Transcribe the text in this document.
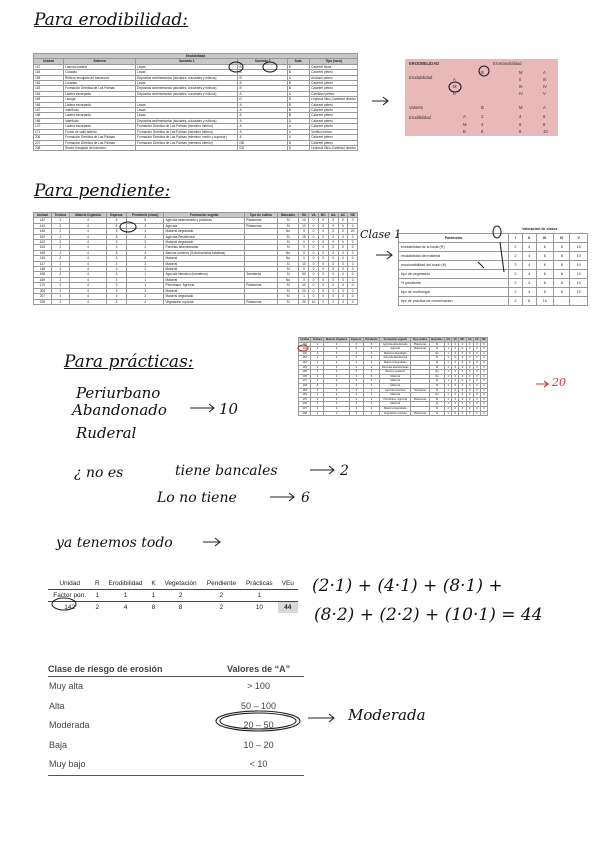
Para erodibilidad:
Para pendiente:
Para prácticas:
Erodabilidad					
Unidad	Sistema	Sustrato 1	Sustrato 2	Sust.	Tipo (roca)
147	Llanura costera	Lavas	B	D	Calcreet lavas
154	Coladas	Lavas	A	B	Calcreet pétreo
155	Relieve encajado de barrancos	Depósitos sedimentarios (aluviales, coluviales y eólicos)	B	A	Andosol pétreo
162	Coladas	Lavas	A	B	Calcreet pétreo
163	Formación Detrítica de Las Palmas	Depósitos sedimentarios (aluviales, coluviales y eólicos)	B	B	Calcreet pétreo
164	Ladera escarpada	Depósitos sedimentarios (aluviales, coluviales y eólicos)	A	A	Cambisol pétreo
165	Lacoge		D	D	Leptosol lítico-Cambisol districo
166	Ladera escarpada	Lavas	A	B	Calcreet pétreo
167	Interfluvio	Lavas	A	B	Calcreet pétreo
168	Ladera escarpada	Lavas	A	B	Calcreet pétreo
169	Interfluvio	Depósitos sedimentarios (aluviales, coluviales y eólicos)	A	A	Calcreet pétreo
170	Ladera escarpada	Formación Detrítica de Las Palmas (miembro inferior)	A	A	Calcreet pétreo
171	Fondo de valle abierto	Formación Detrítica de Las Palmas (miembro inferior)	A	A	Vertisol eútrico
206	Formación Detrítica de Las Palmas	Formación Detrítica de Las Palmas (miembro medio y superior)	A	A	Calcreet pétreo
207	Formación Detrítica de Las Palmas	Formación Detrítica de Las Palmas (miembro inferior)	NB	B	Calcreet pétreo
208	Sector encajado de barranco		DD	D	Leptosol lítico-Cambisol districo
ERODIBILIDAD	Erosionabilidad
Erodabilidad
Valores
Erodibilidad
B	M	A
A	II	III
M	III	IV
B	IV	V
B	M	A
A	2	4	6
M	4	6	8
B	6	8	10
Unidad	Textura	Materia Orgánica	Espesor	Pendiente (clase)	Formación vegetal	Tipo de cultivo	Bancales	GU	VA	MC	AA	AC	NE
142	2	4	6	5	Agrícola abandonado y prácticas	Plataneras	Sí	10	0	0	0	0	0
144	2	4	6	3	Agrícola	Plataneras	Sí	10	0	0	0	0	0
146	2	4	3	4	Matorral degradado		No	0	0	0	0	0	20
152	2	4	5	3	Agrícola-Residencial		Sí	15	0	0	0	0	0
162	2	4	3	3	Matorral degradado		Sí	0	0	0	0	0	0
163	2	4	3	2	Parcelas abandonadas		Sí	0	0	0	0	0	0
165	2	4	5	4	Bancos costeros (Suburbanistas tabaibas)		No	0	0	0	0	0	0
145	2	4	3	5	Matorral		No	0	0	0	0	0	0
147	2	4	3	3	Matorral		Sí	10	0	0	0	0	0
148	2	4	3	2	Matorral		Sí	0	0	0	0	0	0
168	2	4	3	1	Agrícola intensivo (tomateros)	Tomateras	Sí	60	0	0	0	0	0
169	2	4	3	1	Matorral		No	0	0	0	0	0	0
170	2	4	3	1	Periurbano. Agrícola	Plataneras	Sí	40	0	0	0	0	0
206	2	4	3	2	Matorral		Sí	20	0	0	0	0	0
207	2	4	3	2	Matorral degradado		Sí	1	0	0	0	0	0
208	2	4	3	4	Vegetación rupícola	Plataneras	Sí	20	10	0	0	0	0
Valoración de clases					
Parámetro	I	II	III	IV	V
erodabilidad de la lluvia (R)	2	4	6	8	10
erodabilidad del material	2	4	6	8	10
erosionabilidad del suelo (K)	2	4	6	8	10
tipo de vegetación	2	4	6	8	10
% pendiente	2	4	6	8	10
tipo de morfología	2	4	6	8	10
tipo de práctica de conservación	2	6	10		
Unidad	Textura	Materia Orgánica	Espesor	Pendiente	Formación vegetal	Tipo cultivo	Bancales	GU	VA	MC	AA	AC	NE
142	2	4	6	5	Agrícola abandonado	Plataneras	Sí	1	0	0	0	0	0
144	2	4	6	3	Agrícola	Plataneras	Sí	1	0	0	0	0	0
146	2	4	3	4	Matorral degradado		No	1	0	0	0	0	0
152	2	4	5	3	Agrícola-Residencial		Sí	1	0	0	0	0	0
162	2	4	3	3	Matorral degradado		Sí	1	0	0	0	0	0
163	2	4	3	2	Parcelas abandonadas		Sí	1	0	0	0	0	0
165	2	4	5	4	Bancos costeros		No	1	0	0	0	0	0
145	2	4	3	5	Matorral		No	1	0	0	0	0	0
147	2	4	3	3	Matorral		Sí	1	0	0	0	0	0
148	2	4	3	2	Matorral		Sí	1	0	0	0	0	0
168	2	4	3	1	Agrícola intensivo	Tomateras	Sí	1	0	0	0	0	0
169	2	4	3	1	Matorral		No	1	0	0	0	0	0
170	2	4	3	1	Periurbano. Agrícola	Plataneras	Sí	1	0	0	0	0	0
206	2	4	3	2	Matorral		Sí	1	0	0	0	0	0
207	2	4	3	2	Matorral degradado		Sí	1	0	0	0	0	0
208	2	4	3	4	Vegetación rupícola	Plataneras	Sí	1	0	0	0	0	0
Clase 1
20
Periurbano
Abandonado	10
Ruderal
¿ no es	tiene bancales	2
Lo no tiene	6
ya tenemos todo
(2·1) + (4·1) + (8·1) +
(8·2) + (2·2) + (10·1) = 44
Moderada
Unidad	R	Erodibilidad	K	Vegetación	Pendiente	Prácticas	VEu
Factor pon.	1	1	1	2	2	1	
142	2	4	8	8	2	10	44
Clase de riesgo de erosión	Valores de “A”
Muy alta	> 100
Alta	50 – 100
Moderada	20 – 50
Baja	10 – 20
Muy bajo	< 10
